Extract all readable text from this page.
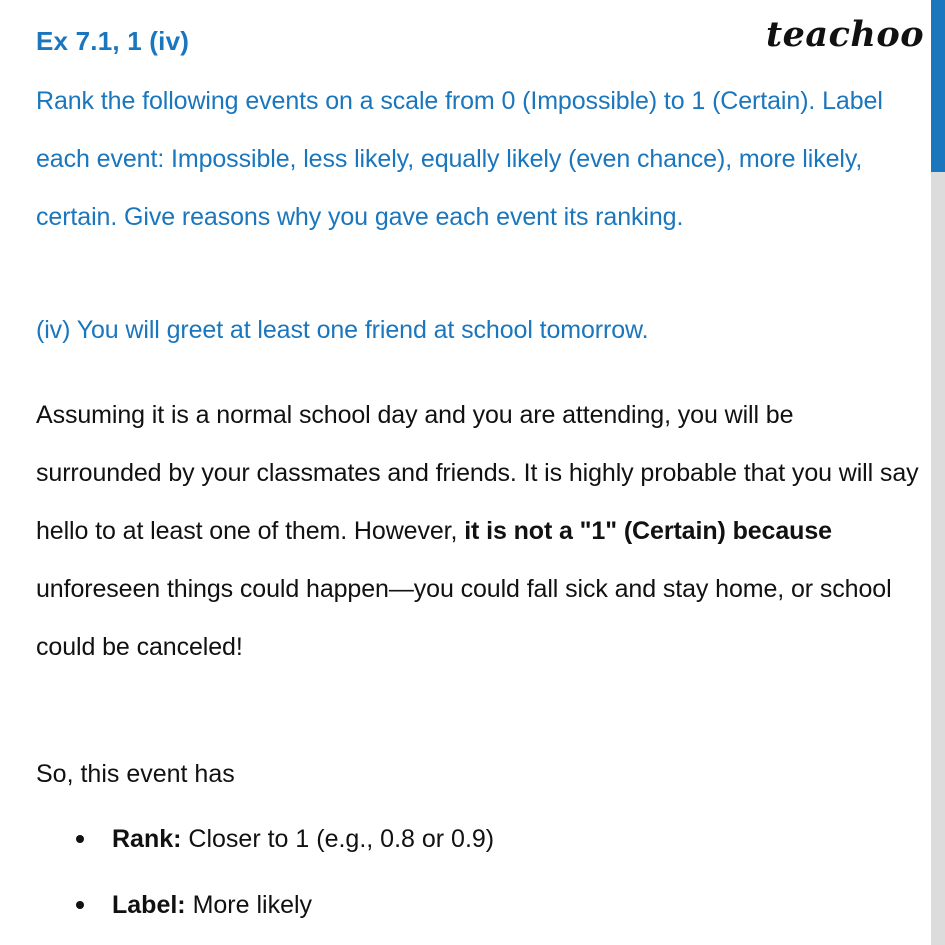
Ex 7.1, 1 (iv)	teachoo

Rank the following events on a scale from 0 (Impossible) to 1 (Certain). Label each event: Impossible, less likely, equally likely (even chance), more likely, certain. Give reasons why you gave each event its ranking.

(iv) You will greet at least one friend at school tomorrow.

Assuming it is a normal school day and you are attending, you will be surrounded by your classmates and friends. It is highly probable that you will say hello to at least one of them. However, it is not a "1" (Certain) because unforeseen things could happen—you could fall sick and stay home, or school could be canceled!

So, this event has
Rank: Closer to 1 (e.g., 0.8 or 0.9)
Label: More likely
